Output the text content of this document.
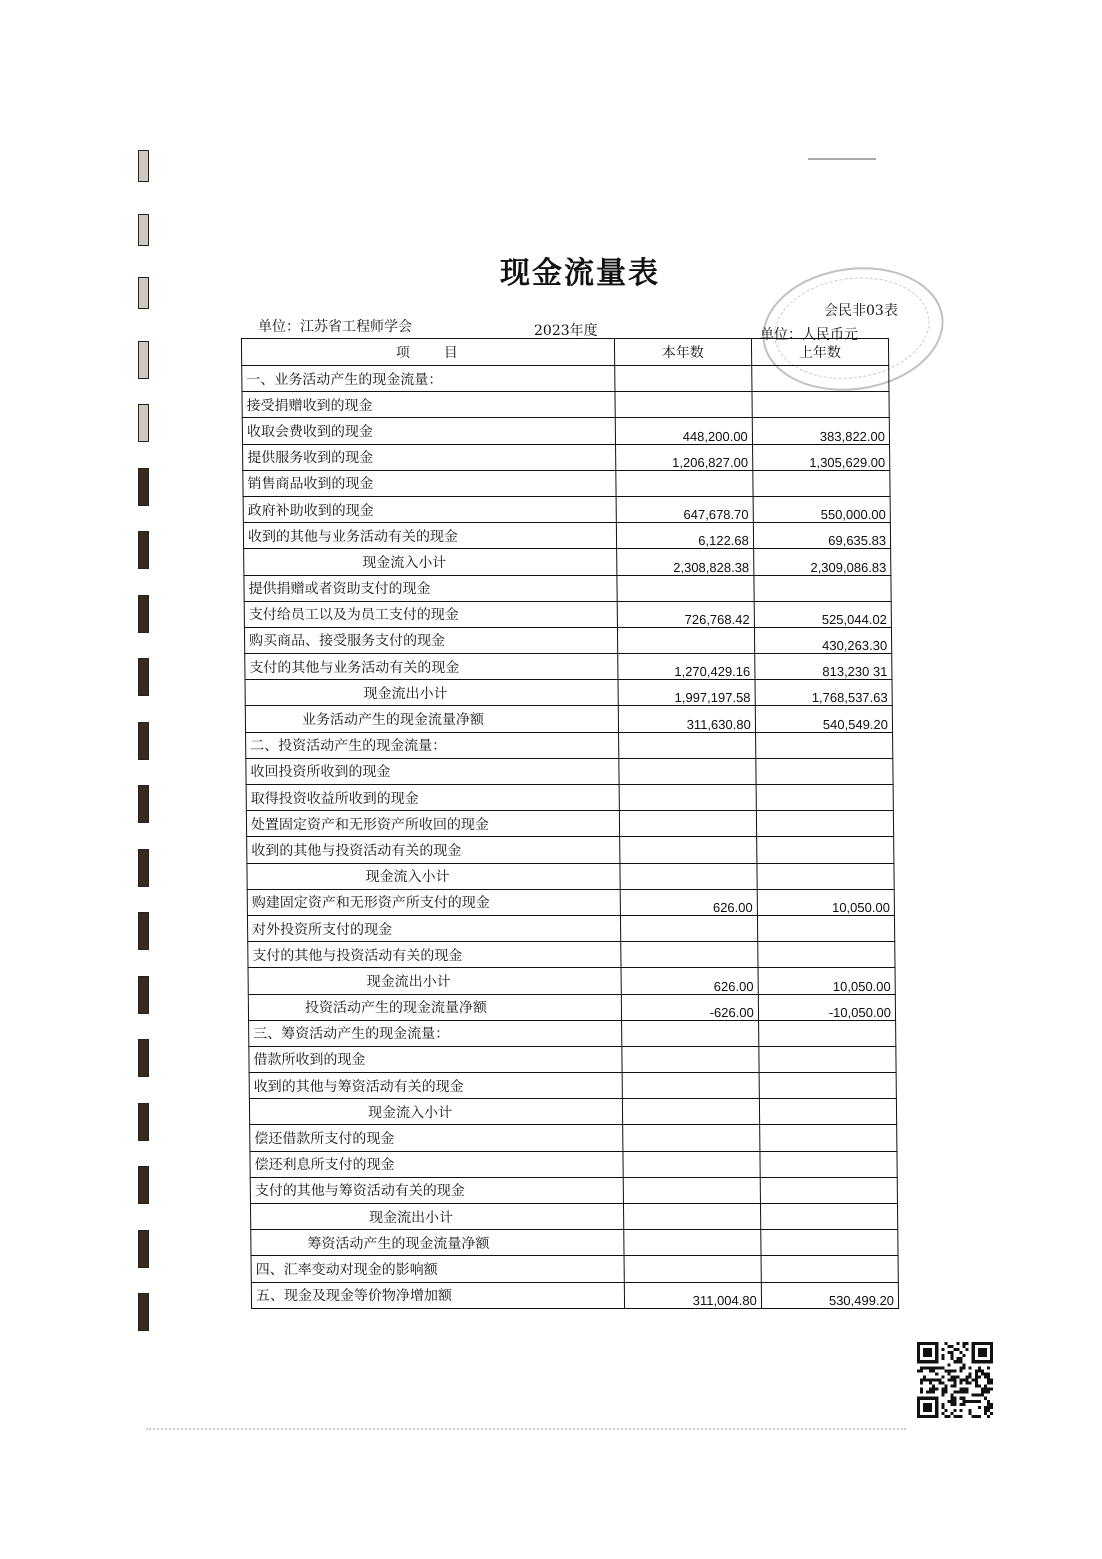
现金流量表
会民非03表
单位：江苏省工程师学会	2023年度	单位：人民币元
项　　目	本年数	上年数
一、业务活动产生的现金流量：		
接受捐赠收到的现金		
收取会费收到的现金	448,200.00	383,822.00
提供服务收到的现金	1,206,827.00	1,305,629.00
销售商品收到的现金		
政府补助收到的现金	647,678.70	550,000.00
收到的其他与业务活动有关的现金	6,122.68	69,635.83
现金流入小计	2,308,828.38	2,309,086.83
提供捐赠或者资助支付的现金		
支付给员工以及为员工支付的现金	726,768.42	525,044.02
购买商品、接受服务支付的现金		430,263.30
支付的其他与业务活动有关的现金	1,270,429.16	813,230 31
现金流出小计	1,997,197.58	1,768,537.63
业务活动产生的现金流量净额	311,630.80	540,549.20
二、投资活动产生的现金流量：		
收回投资所收到的现金		
取得投资收益所收到的现金		
处置固定资产和无形资产所收回的现金		
收到的其他与投资活动有关的现金		
现金流入小计		
购建固定资产和无形资产所支付的现金	626.00	10,050.00
对外投资所支付的现金		
支付的其他与投资活动有关的现金		
现金流出小计	626.00	10,050.00
投资活动产生的现金流量净额	-626.00	-10,050.00
三、筹资活动产生的现金流量：		
借款所收到的现金		
收到的其他与筹资活动有关的现金		
现金流入小计		
偿还借款所支付的现金		
偿还利息所支付的现金		
支付的其他与筹资活动有关的现金		
现金流出小计		
筹资活动产生的现金流量净额		
四、汇率变动对现金的影响额		
五、现金及现金等价物净增加额	311,004.80	530,499.20
